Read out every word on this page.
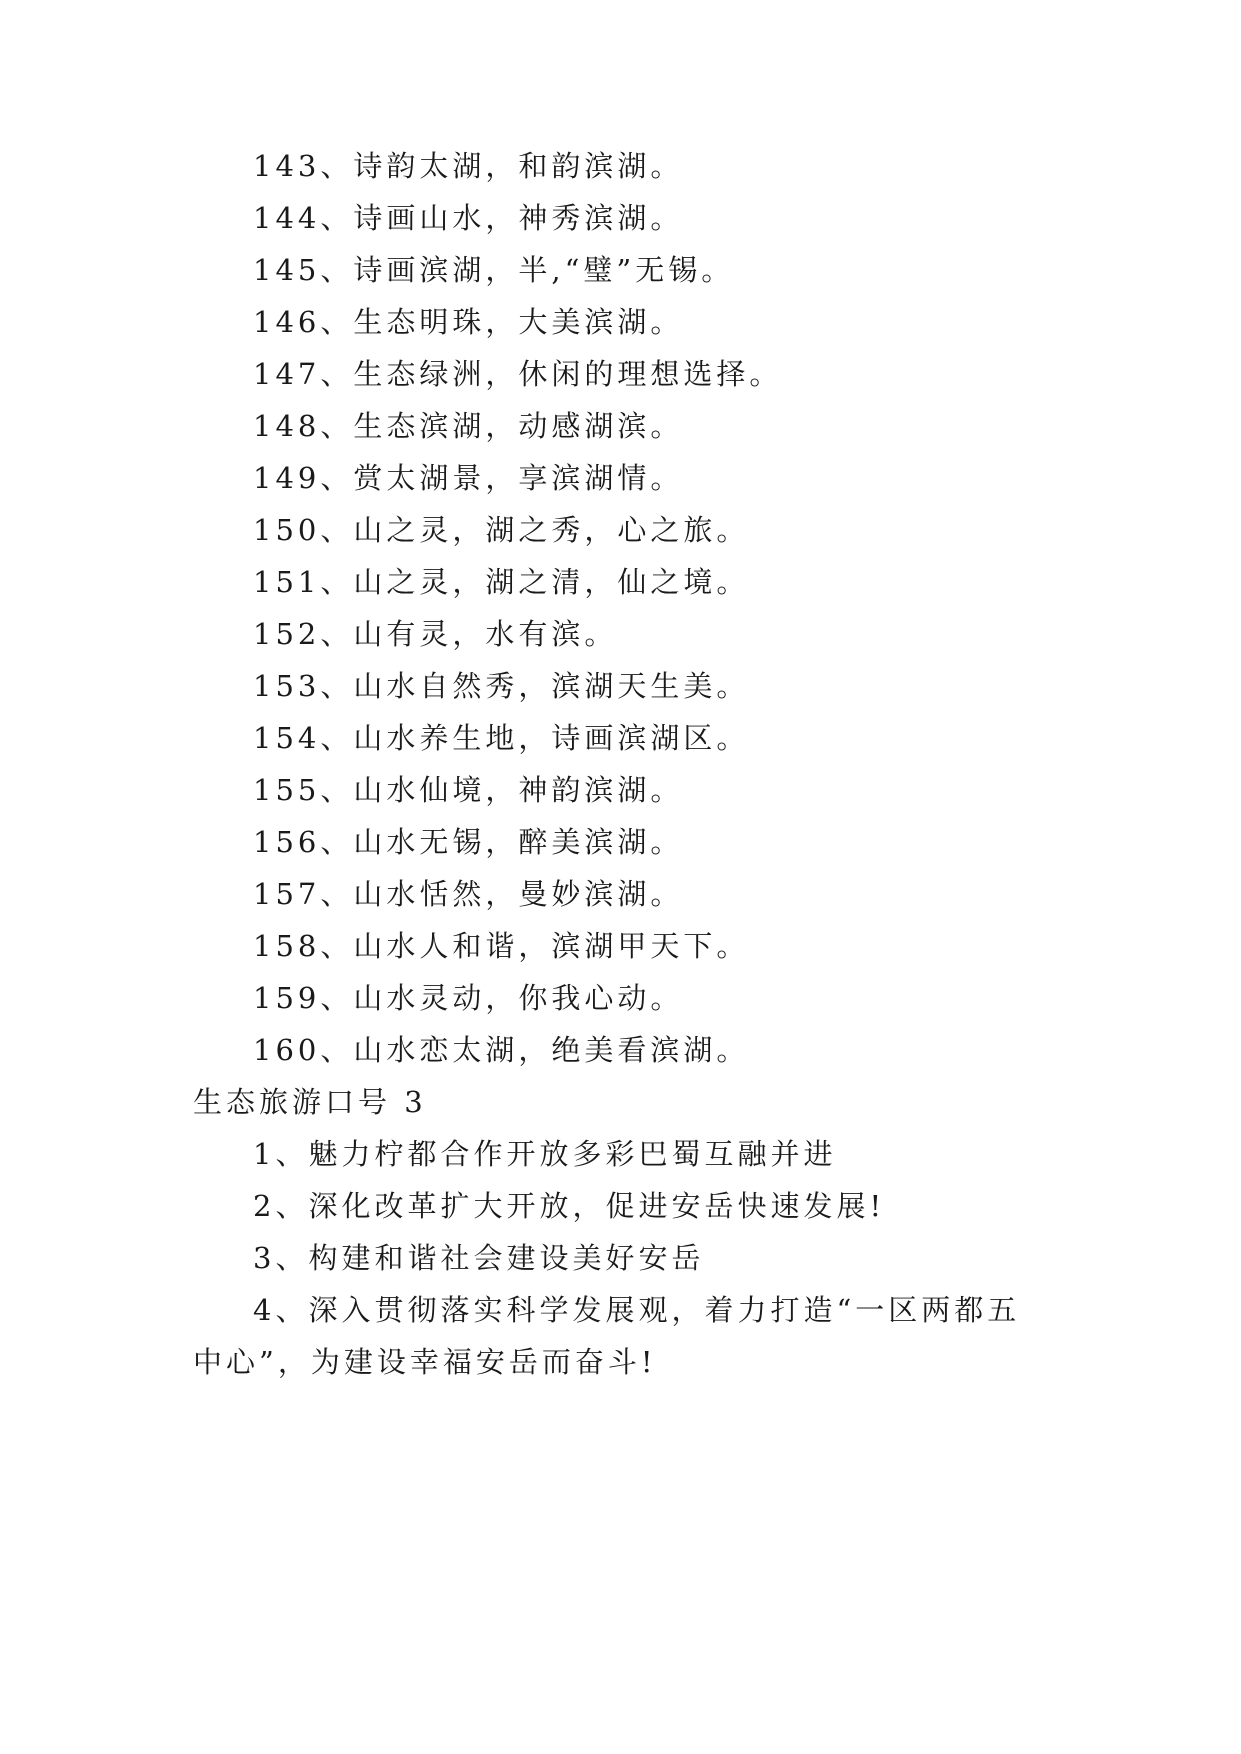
143、诗韵太湖，和韵滨湖。
144、诗画山水，神秀滨湖。
145、诗画滨湖，半,“璧”无锡。
146、生态明珠，大美滨湖。
147、生态绿洲，休闲的理想选择。
148、生态滨湖，动感湖滨。
149、赏太湖景，享滨湖情。
150、山之灵，湖之秀，心之旅。
151、山之灵，湖之清，仙之境。
152、山有灵，水有滨。
153、山水自然秀，滨湖天生美。
154、山水养生地，诗画滨湖区。
155、山水仙境，神韵滨湖。
156、山水无锡，醉美滨湖。
157、山水恬然，曼妙滨湖。
158、山水人和谐，滨湖甲天下。
159、山水灵动，你我心动。
160、山水恋太湖，绝美看滨湖。
生态旅游口号 3
1、魅力柠都合作开放多彩巴蜀互融并进
2、深化改革扩大开放，促进安岳快速发展!
3、构建和谐社会建设美好安岳
4、深入贯彻落实科学发展观，着力打造“一区两都五
中心”，为建设幸福安岳而奋斗!
